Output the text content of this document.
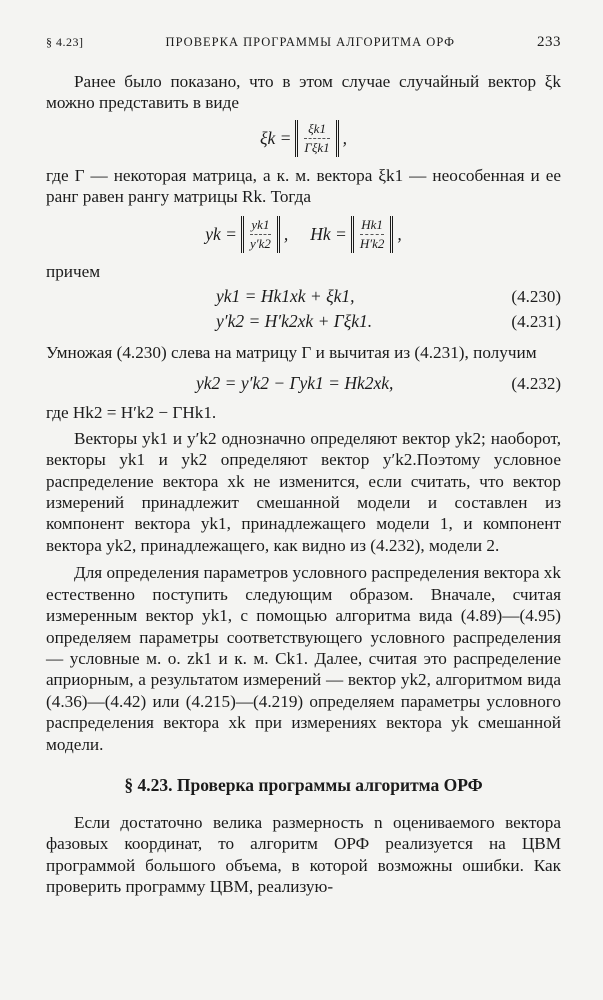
§ 4.23]	ПРОВЕРКА ПРОГРАММЫ АЛГОРИТМА ОРФ	233

Ранее было показано, что в этом случае случайный вектор ξk можно представить в виде

ξk = ξk1
Γξk1 ,

где Γ — некоторая матрица, а к. м. вектора ξk1 — неособенная и ее ранг равен рангу матрицы Rk. Тогда

yk = $\frac{yk1}{y'k2}$ , $Hk = \frac{Hk1}{H'k2}$ ,

причем

yk1 = Hk1xk + ξk1,	(4.230)
y′k2 = H′k2xk + Γξk1.	(4.231)

Умножая (4.230) слева на матрицу Γ и вычитая из (4.231), получим

yk2 = y′k2 − Γyk1 = Hk2xk,	(4.232)

где Hk2 = H′k2 − ΓHk1.

Векторы yk1 и y′k2 однозначно определяют вектор yk2; наоборот, векторы yk1 и yk2 определяют вектор y′k2.Поэтому условное распределение вектора xk не изменится, если считать, что вектор измерений принадлежит смешанной модели и составлен из компонент вектора yk1, принадлежащего модели 1, и компонент вектора yk2, принадлежащего, как видно из (4.232), модели 2.

Для определения параметров условного распределения вектора xk естественно поступить следующим образом. Вначале, считая измеренным вектор yk1, с помощью алгоритма вида (4.89)—(4.95) определяем параметры соответствующего условного распределения — условные м. о. zk1 и к. м. Ck1. Далее, считая это распределение априорным, а результатом измерений — вектор yk2, алгоритмом вида (4.36)—(4.42) или (4.215)—(4.219) определяем параметры условного распределения вектора xk при измерениях вектора yk смешанной модели.

§ 4.23. Проверка программы алгоритма ОРФ

Если достаточно велика размерность n оцениваемого вектора фазовых координат, то алгоритм ОРФ реализуется на ЦВМ программой большого объема, в которой возможны ошибки. Как проверить программу ЦВМ, реализую-
